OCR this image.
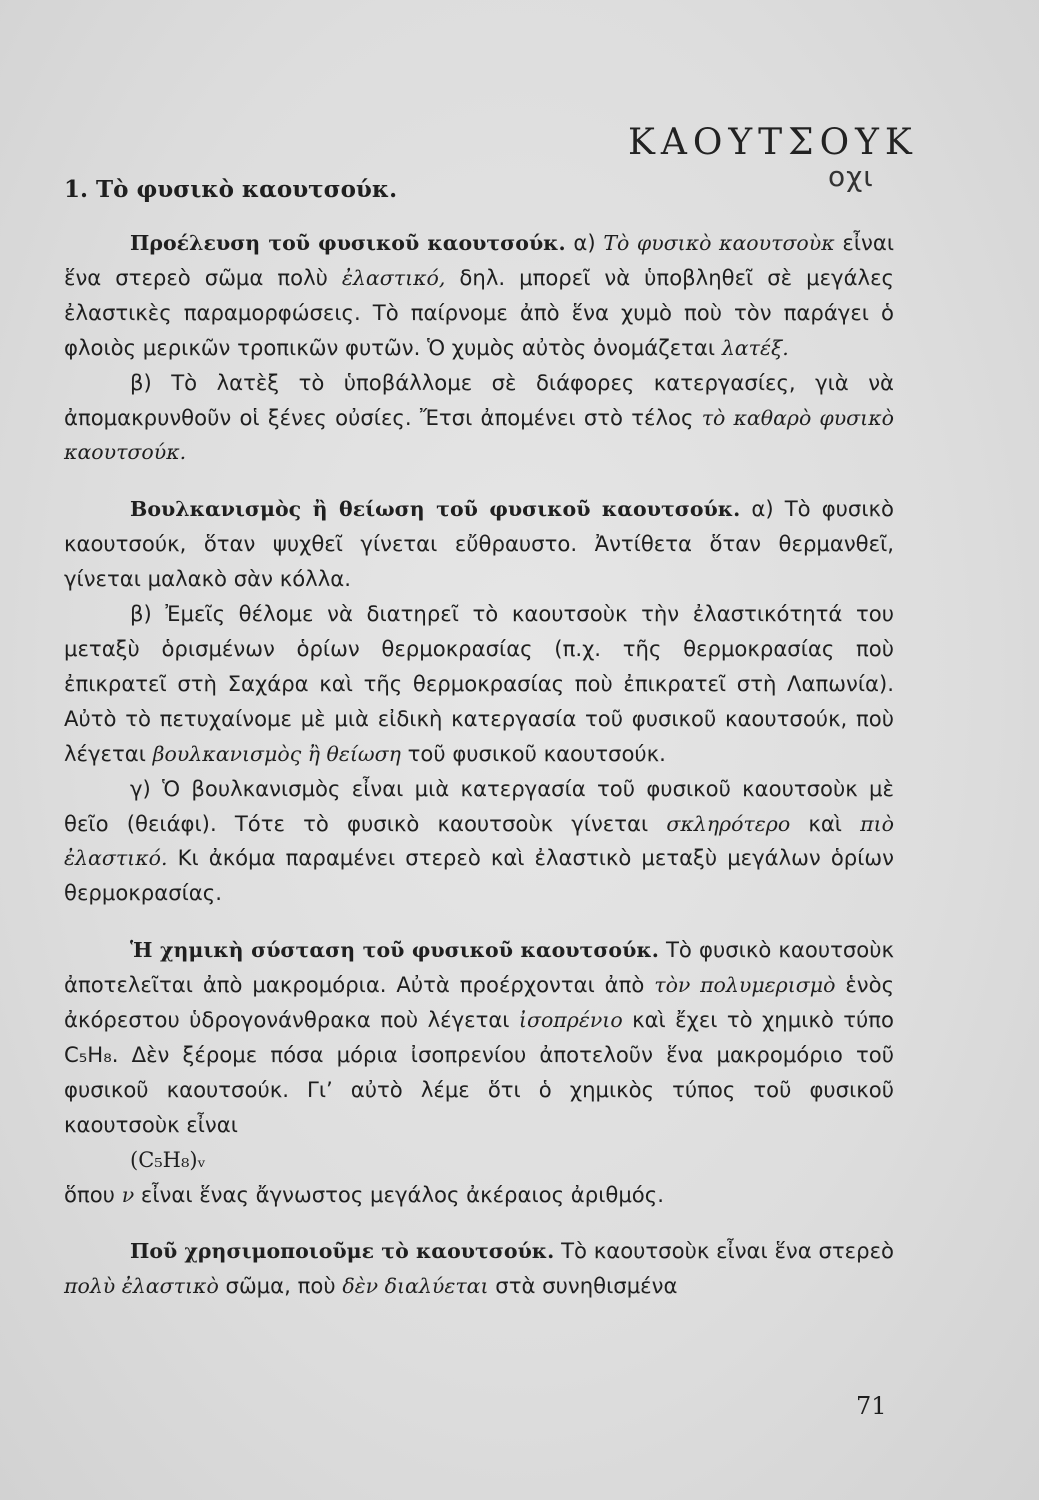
ΚΑΟΥΤΣΟΥΚ
οχι
1. Τὸ φυσικὸ καουτσούκ.

Προέλευση τοῦ φυσικοῦ καουτσούκ. α) Τὸ φυσικὸ καουτσοὺκ εἶναι ἕνα στερεὸ σῶμα πολὺ ἐλαστικό, δηλ. μπορεῖ νὰ ὑποβληθεῖ σὲ μεγάλες ἐλαστικὲς παραμορφώσεις. Τὸ παίρνομε ἀπὸ ἕνα χυμὸ ποὺ τὸν παράγει ὁ φλοιὸς μερικῶν τροπικῶν φυτῶν. Ὁ χυμὸς αὐτὸς ὀνομάζεται λατέξ.

β) Τὸ λατὲξ τὸ ὑποβάλλομε σὲ διάφορες κατεργασίες, γιὰ νὰ ἀπομακρυνθοῦν οἱ ξένες οὐσίες. Ἔτσι ἀπομένει στὸ τέλος τὸ καθαρὸ φυσικὸ καουτσούκ.

Βουλκανισμὸς ἢ θείωση τοῦ φυσικοῦ καουτσούκ. α) Τὸ φυσικὸ καουτσούκ, ὅταν ψυχθεῖ γίνεται εὔθραυστο. Ἀντίθετα ὅταν θερμανθεῖ, γίνεται μαλακὸ σὰν κόλλα.

β) Ἐμεῖς θέλομε νὰ διατηρεῖ τὸ καουτσοὺκ τὴν ἐλαστικότητά του μεταξὺ ὁρισμένων ὁρίων θερμοκρασίας (π.χ. τῆς θερμοκρασίας ποὺ ἐπικρατεῖ στὴ Σαχάρα καὶ τῆς θερμοκρασίας ποὺ ἐπικρατεῖ στὴ Λαπωνία). Αὐτὸ τὸ πετυχαίνομε μὲ μιὰ εἰδικὴ κατεργασία τοῦ φυσικοῦ καουτσούκ, ποὺ λέγεται βουλκανισμὸς ἢ θείωση τοῦ φυσικοῦ καουτσούκ.

γ) Ὁ βουλκανισμὸς εἶναι μιὰ κατεργασία τοῦ φυσικοῦ καουτσοὺκ μὲ θεῖο (θειάφι). Τότε τὸ φυσικὸ καουτσοὺκ γίνεται σκληρότερο καὶ πιὸ ἐλαστικό. Κι ἀκόμα παραμένει στερεὸ καὶ ἐλαστικὸ μεταξὺ μεγάλων ὁρίων θερμοκρασίας.

Ἡ χημικὴ σύσταση τοῦ φυσικοῦ καουτσούκ. Τὸ φυσικὸ καουτσοὺκ ἀποτελεῖται ἀπὸ μακρομόρια. Αὐτὰ προέρχονται ἀπὸ τὸν πολυμερισμὸ ἑνὸς ἀκόρεστου ὑδρογονάνθρακα ποὺ λέγεται ἰσοπρένιο καὶ ἔχει τὸ χημικὸ τύπο C₅H₈. Δὲν ξέρομε πόσα μόρια ἰσοπρενίου ἀποτελοῦν ἕνα μακρομόριο τοῦ φυσικοῦ καουτσούκ. Γι’ αὐτὸ λέμε ὅτι ὁ χημικὸς τύπος τοῦ φυσικοῦ καουτσοὺκ εἶναι

(C₅H₈)ᵥ

ὅπου ν εἶναι ἕνας ἄγνωστος μεγάλος ἀκέραιος ἀριθμός.

Ποῦ χρησιμοποιοῦμε τὸ καουτσούκ. Τὸ καουτσοὺκ εἶναι ἕνα στερεὸ πολὺ ἐλαστικὸ σῶμα, ποὺ δὲν διαλύεται στὰ συνηθισμένα

71
